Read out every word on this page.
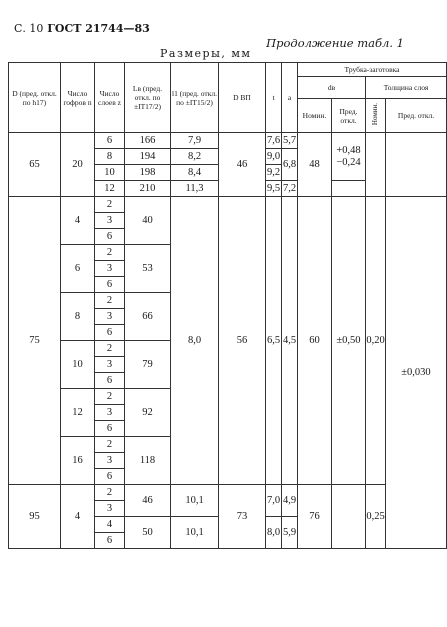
С. 10 ГОСТ 21744—83
Продолжение табл. 1
Размеры, мм
D (пред. откл. по h17)	Число гофров n	Число слоев z	Lв (пред. откл. по ±IT17/2)	l1 (пред. откл. по ±IT15/2)	D ВП	t	a	Трубка-заготовка			
								dв		Толщина слоя	
								Номин.	Пред. откл.	Номин.	Пред. откл.
65	20	6	166	7,9	46	7,6	5,7	48	+0,48 −0,24		
		8	194	8,2		9,0	6,8				
		10	198	8,4		9,2					
		12	210	11,3		9,5	7,2				
75	4	2	40	8,0	56	6,5	4,5	60	±0,50	0,20	±0,030
		3									
		6									
	6	2	53								
		3									
		6									
	8	2	66								
		3									
		6									
	10	2	79								
		3									
		6									
	12	2	92								
		3									
		6									
	16	2	118								
		3									
		6									
95	4	2	46	10,1	73	7,0	4,9	76		0,25	
		3									
		4	50	10,1		8,0	5,9				
		6									
